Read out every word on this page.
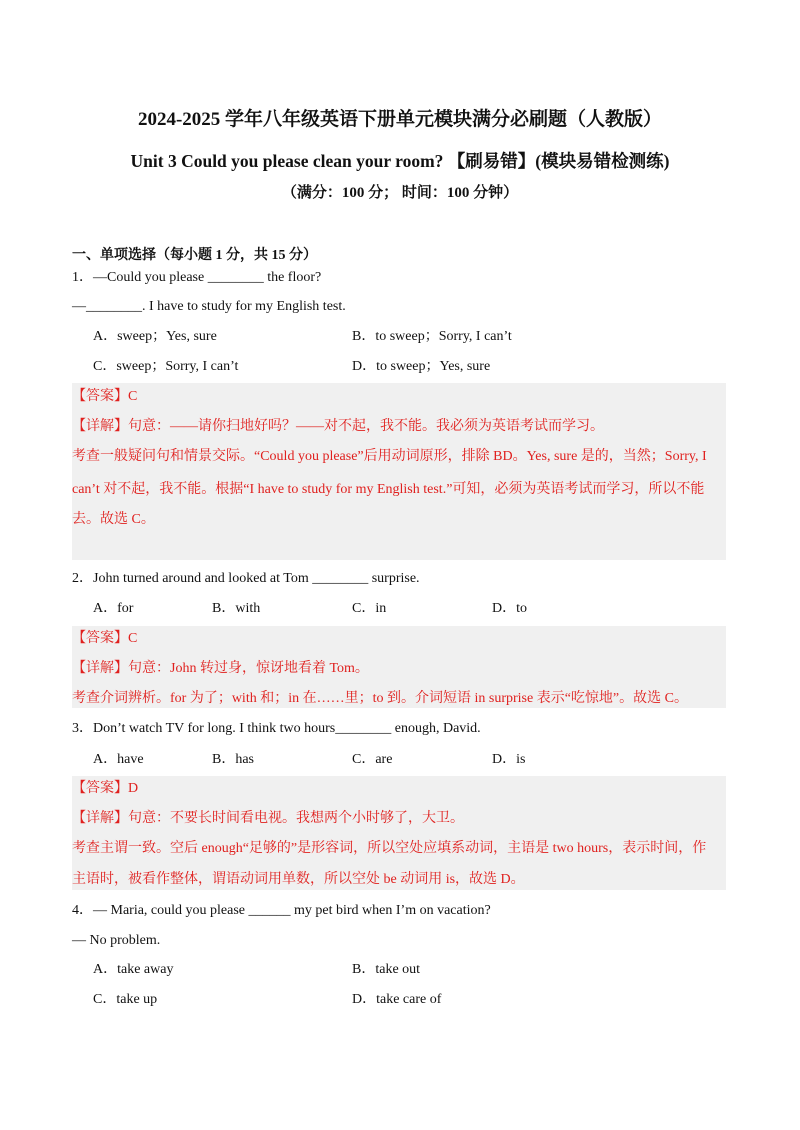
2024-2025 学年八年级英语下册单元模块满分必刷题（人教版）
Unit 3 Could you please clean your room? 【刷易错】(模块易错检测练)
（满分：100 分； 时间：100 分钟）
一、单项选择（每小题 1 分，共 15 分）
1．—Could you please ________ the floor?
—________. I have to study for my English test.
A．sweep；Yes, sure	B．to sweep；Sorry, I can’t
C．sweep；Sorry, I can’t	D．to sweep；Yes, sure
【答案】C
【详解】句意：——请你扫地好吗？——对不起，我不能。我必须为英语考试而学习。
考查一般疑问句和情景交际。“Could you please”后用动词原形，排除 BD。Yes, sure 是的，当然；Sorry, I
can’t 对不起，我不能。根据“I have to study for my English test.”可知，必须为英语考试而学习，所以不能
去。故选 C。
2．John turned around and looked at Tom ________ surprise.
A．for	B．with	C．in	D．to
【答案】C
【详解】句意：John 转过身，惊讶地看着 Tom。
考查介词辨析。for 为了；with 和；in 在……里；to 到。介词短语 in surprise 表示“吃惊地”。故选 C。
3．Don’t watch TV for long. I think two hours________ enough, David.
A．have	B．has	C．are	D．is
【答案】D
【详解】句意：不要长时间看电视。我想两个小时够了，大卫。
考查主谓一致。空后 enough“足够的”是形容词，所以空处应填系动词，主语是 two hours，表示时间，作
主语时，被看作整体，谓语动词用单数，所以空处 be 动词用 is，故选 D。
4．— Maria, could you please ______ my pet bird when I’m on vacation?
— No problem.
A．take away	B．take out
C．take up	D．take care of
